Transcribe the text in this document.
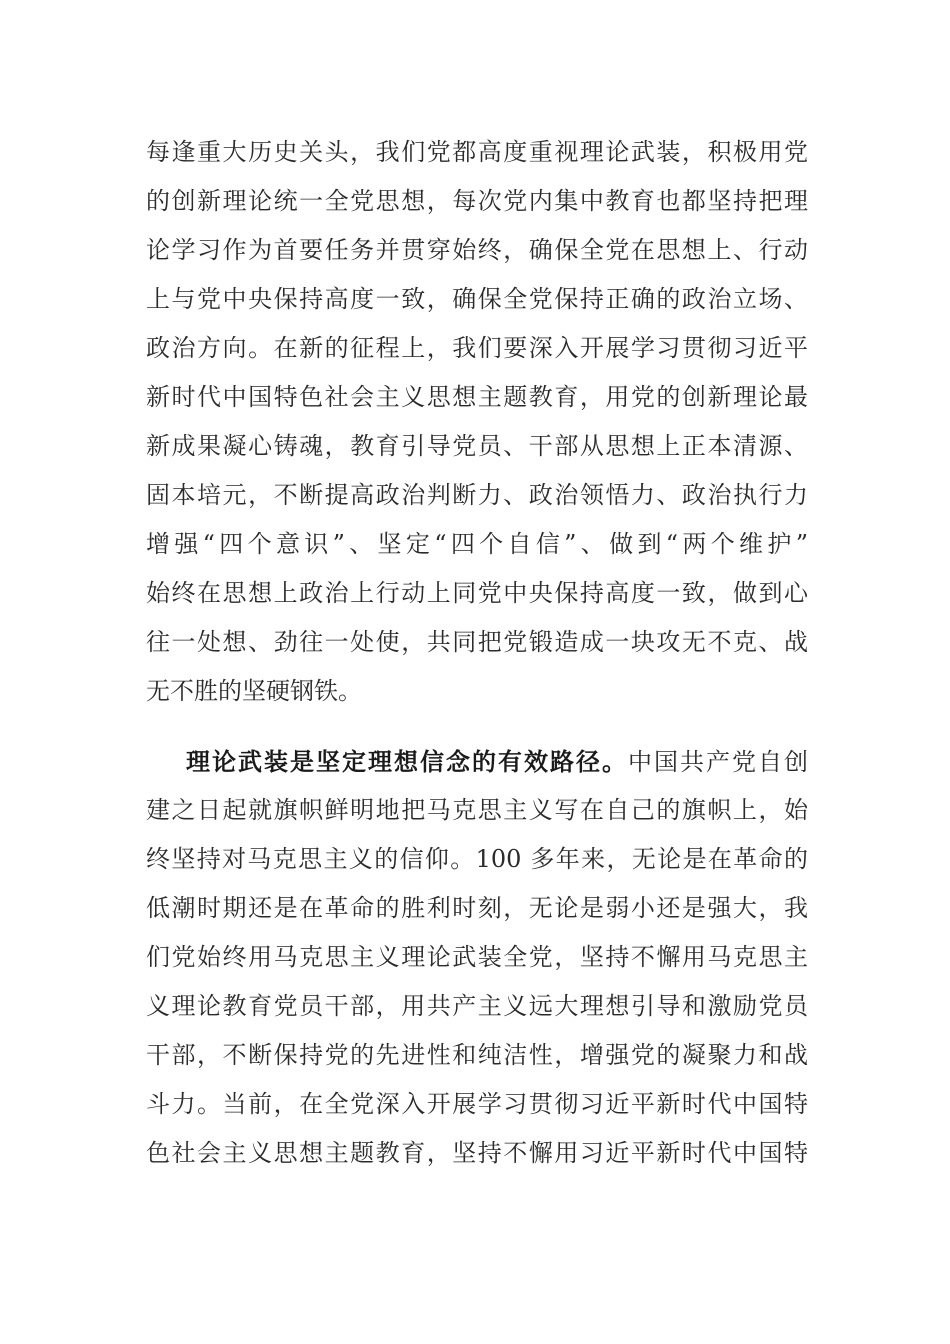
每逢重大历史关头，我们党都高度重视理论武装，积极用党
的创新理论统一全党思想，每次党内集中教育也都坚持把理
论学习作为首要任务并贯穿始终，确保全党在思想上、行动
上与党中央保持高度一致，确保全党保持正确的政治立场、
政治方向。在新的征程上，我们要深入开展学习贯彻习近平
新时代中国特色社会主义思想主题教育，用党的创新理论最
新成果凝心铸魂，教育引导党员、干部从思想上正本清源、
固本培元，不断提高政治判断力、政治领悟力、政治执行力
增强“四个意识”、坚定“四个自信”、做到“两个维护”
始终在思想上政治上行动上同党中央保持高度一致，做到心
往一处想、劲往一处使，共同把党锻造成一块攻无不克、战
无不胜的坚硬钢铁。
理论武装是坚定理想信念的有效路径。中国共产党自创
建之日起就旗帜鲜明地把马克思主义写在自己的旗帜上，始
终坚持对马克思主义的信仰。100 多年来，无论是在革命的
低潮时期还是在革命的胜利时刻，无论是弱小还是强大，我
们党始终用马克思主义理论武装全党，坚持不懈用马克思主
义理论教育党员干部，用共产主义远大理想引导和激励党员
干部，不断保持党的先进性和纯洁性，增强党的凝聚力和战
斗力。当前，在全党深入开展学习贯彻习近平新时代中国特
色社会主义思想主题教育，坚持不懈用习近平新时代中国特
